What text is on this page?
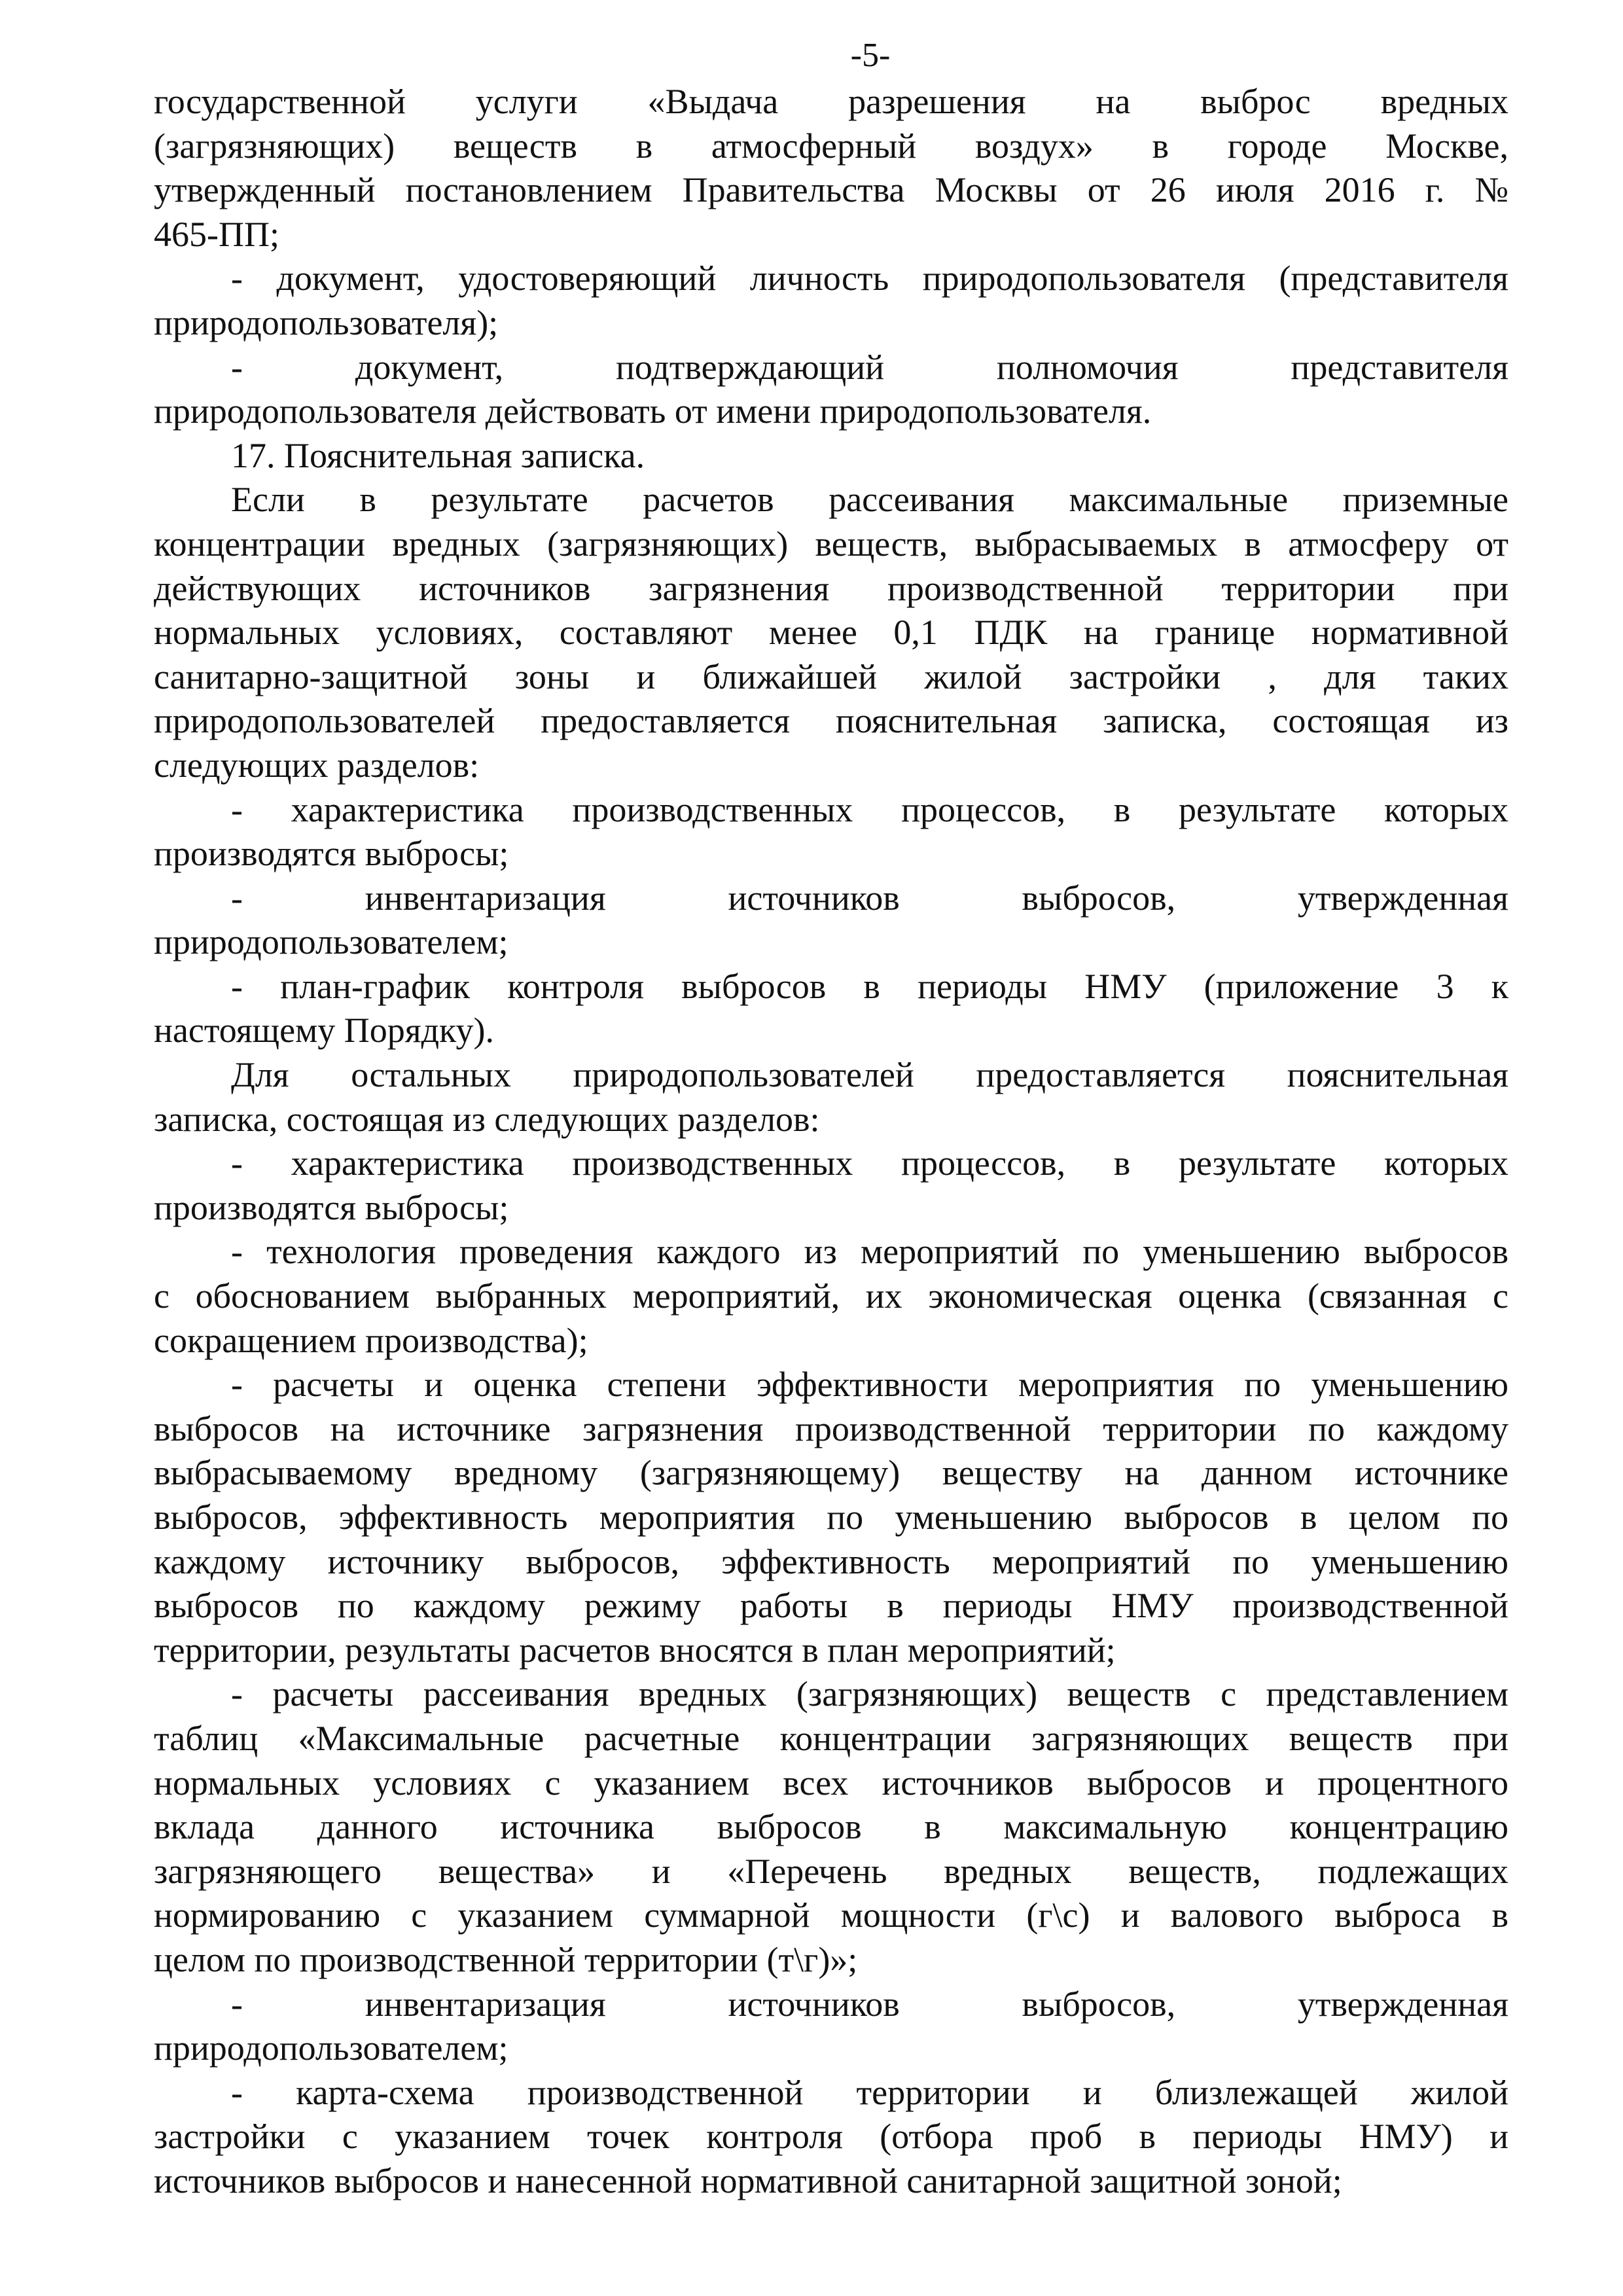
-5-

государственной услуги «Выдача разрешения на выброс вредных

(загрязняющих) веществ в атмосферный воздух» в городе Москве,

утвержденный постановлением Правительства Москвы от 26 июля 2016 г. №

465-ПП;

- документ, удостоверяющий личность природопользователя (представителя

природопользователя);

- документ, подтверждающий полномочия представителя

природопользователя действовать от имени природопользователя.

17. Пояснительная записка.

Если в результате расчетов рассеивания максимальные приземные

концентрации вредных (загрязняющих) веществ, выбрасываемых в атмосферу от

действующих источников загрязнения производственной территории при

нормальных условиях, составляют менее 0,1 ПДК на границе нормативной

санитарно-защитной зоны и ближайшей жилой застройки , для таких

природопользователей предоставляется пояснительная записка, состоящая из

следующих разделов:

- характеристика производственных процессов, в результате которых

производятся выбросы;

- инвентаризация источников выбросов, утвержденная

природопользователем;

- план-график контроля выбросов в периоды НМУ (приложение 3 к

настоящему Порядку).

Для остальных природопользователей предоставляется пояснительная

записка, состоящая из следующих разделов:

- характеристика производственных процессов, в результате которых

производятся выбросы;

- технология проведения каждого из мероприятий по уменьшению выбросов

с обоснованием выбранных мероприятий, их экономическая оценка (связанная с

сокращением производства);

- расчеты и оценка степени эффективности мероприятия по уменьшению

выбросов на источнике загрязнения производственной территории по каждому

выбрасываемому вредному (загрязняющему) веществу на данном источнике

выбросов, эффективность мероприятия по уменьшению выбросов в целом по

каждому источнику выбросов, эффективность мероприятий по уменьшению

выбросов по каждому режиму работы в периоды НМУ производственной

территории, результаты расчетов вносятся в план мероприятий;

- расчеты рассеивания вредных (загрязняющих) веществ с представлением

таблиц «Максимальные расчетные концентрации загрязняющих веществ при

нормальных условиях с указанием всех источников выбросов и процентного

вклада данного источника выбросов в максимальную концентрацию

загрязняющего вещества» и «Перечень вредных веществ, подлежащих

нормированию с указанием суммарной мощности (г\с) и валового выброса в

целом по производственной территории (т\г)»;

- инвентаризация источников выбросов, утвержденная

природопользователем;

- карта-схема производственной территории и близлежащей жилой

застройки с указанием точек контроля (отбора проб в периоды НМУ) и

источников выбросов и нанесенной нормативной санитарной защитной зоной;
